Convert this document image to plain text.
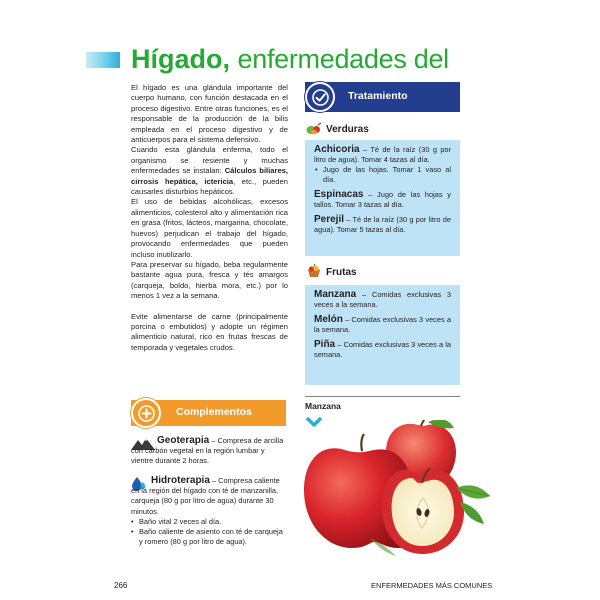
Hígado, enfermedades del

El hígado es una glándula importante del cuerpo humano, con función destacada en el proceso digestivo. Entre otras funciones, es el responsable de la producción de la bilis empleada en el proceso digestivo y de anticuerpos para el sistema defensivo.

Cuando esta glándula enferma, todo el organismo se resiente y muchas enfermedades se instalan: Cálculos biliares, cirrosis hepática, ictericia, etc., pueden causarles disturbios hepáticos.

El uso de bebidas alcohólicas, excesos alimenticios, colesterol alto y alimentación rica en grasa (fritos, lácteos, margarina, chocolate, huevos) perjudican el trabajo del hígado, provocando enfermedades que pueden incluso inutilizarlo.

Para preservar su hígado, beba regularmente bastante agua pura, fresca y tés amargos (carqueja, boldo, hierba mora, etc.) por lo menos 1 vez a la semana.

Evite alimentarse de carne (principalmente porcina o embutidos) y adopte un régimen alimenticio natural, rico en frutas frescas de temporada y vegetales crudos.

Tratamiento
Verduras
Achicoria – Té de la raíz (30 g por litro de agua). Tomar 4 tazas al día.
• Jugo de las hojas. Tomar 1 vaso al día.
Espinacas – Jugo de las hojas y tallos. Tomar 3 tazas al día.
Perejil – Té de la raíz (30 g por litro de agua). Tomar 5 tazas al día.
Frutas
Manzana – Comidas exclusivas 3 veces a la semana.
Melón – Comidas exclusivas 3 veces a la semana.
Piña – Comidas exclusivas 3 veces a la semana.
Complementos
Geoterapia – Compresa de arcilla con carbón vegetal en la región lumbar y vientre durante 2 horas.
Hidroterapia – Compresa caliente en la región del hígado con té de manzanilla, carqueja (80 g por litro de agua) durante 30 minutos.
• Baño vital 2 veces al día.
• Baño caliente de asiento con té de carqueja y romero (80 g por litro de agua).
Manzana
266	ENFERMEDADES MÁS COMUNES
